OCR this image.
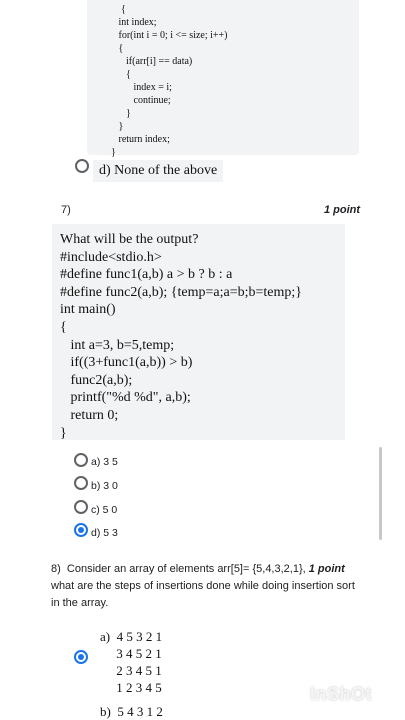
{
int index;
for(int i = 0; i <= size; i++)
{
if(arr[i] == data)
{
index = i;
continue;
}
}
return index;
}
d) None of the above
7)	1 point
What will be the output?
#include<stdio.h>
#define func1(a,b) a > b ? b : a
#define func2(a,b); {temp=a;a=b;b=temp;}
int main()
{
int a=3, b=5,temp;
if((3+func1(a,b)) > b)
func2(a,b);
printf("%d %d", a,b);
return 0;
}
a) 3 5
b) 3 0
c) 5 0
d) 5 3
8) Consider an array of elements arr[5]= {5,4,3,2,1}, 1 point what are the steps of insertions done while doing insertion sort in the array.
a)  4 5 3 2 1
3 4 5 2 1
2 3 4 5 1
1 2 3 4 5
b)  5 4 3 1 2
InShOt
